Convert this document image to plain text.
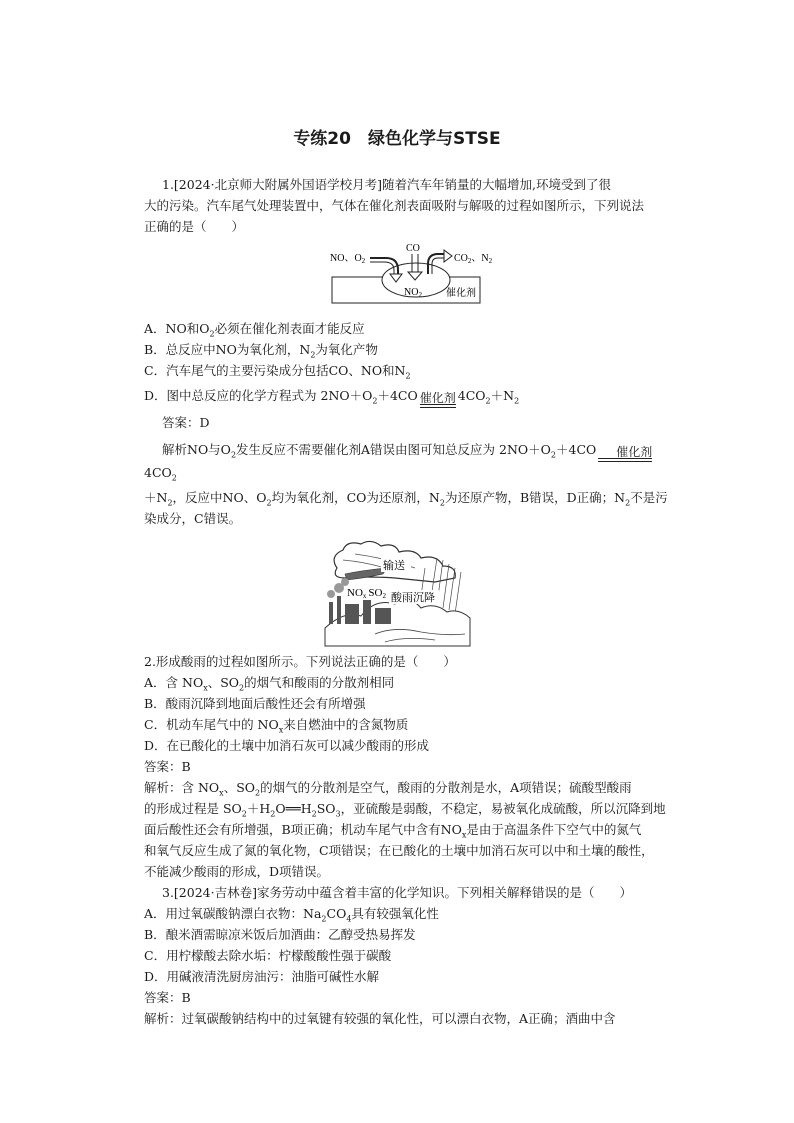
专练20　绿色化学与STSE

1.[2024·北京师大附属外国语学校月考]随着汽车年销量的大幅增加,环境受到了很

大的污染。汽车尾气处理装置中，气体在催化剂表面吸附与解吸的过程如图所示，下列说法

正确的是（　　）

NO、$O_2$
CO
$CO_2$、$N_2$
$NO_2$ 催化剂

A．NO和$O_2$必须在催化剂表面才能反应

B．总反应中NO为氧化剂，$N_2$为氧化产物

C．汽车尾气的主要污染成分包括CO、NO和$N_2$

D．图中总反应的化学方程式为 $2NO+O_2+4CO$ 催化剂 $4CO_2+N_2$

答案：D

解析NO与$O_2$发生反应不需要催化剂A错误由图可知总反应为 $2NO+O_2+4CO$	催化剂
$4CO_2$

$+N_2$，反应中NO、$O_2$均为氧化剂，CO为还原剂，$N_2$为还原产物，B错误，D正确；$N_2$不是污

染成分，C错误。

输送
NOx SO2 酸雨沉降

2.形成酸雨的过程如图所示。下列说法正确的是（　　）

A．含 $NO_x$、$SO_2$的烟气和酸雨的分散剂相同

B．酸雨沉降到地面后酸性还会有所增强

C．机动车尾气中的 $NO_x$来自燃油中的含氮物质

D．在已酸化的土壤中加消石灰可以减少酸雨的形成

答案：B

解析：含 $NO_x$、$SO_2$的烟气的分散剂是空气，酸雨的分散剂是水，A项错误；硫酸型酸雨

的形成过程是 $SO_2+H_2O══H_2SO_3$，亚硫酸是弱酸，不稳定，易被氧化成硫酸，所以沉降到地

面后酸性还会有所增强，B项正确；机动车尾气中含有$NO_x$是由于高温条件下空气中的氮气

和氧气反应生成了氮的氧化物，C项错误；在已酸化的土壤中加消石灰可以中和土壤的酸性，

不能减少酸雨的形成，D项错误。

3.[2024·吉林卷]家务劳动中蕴含着丰富的化学知识。下列相关解释错误的是（　　）

A．用过氧碳酸钠漂白衣物：$Na_2CO_4$具有较强氧化性

B．酿米酒需晾凉米饭后加酒曲：乙醇受热易挥发

C．用柠檬酸去除水垢：柠檬酸酸性强于碳酸

D．用碱液清洗厨房油污：油脂可碱性水解

答案：B

解析：过氧碳酸钠结构中的过氧键有较强的氧化性，可以漂白衣物，A正确；酒曲中含
